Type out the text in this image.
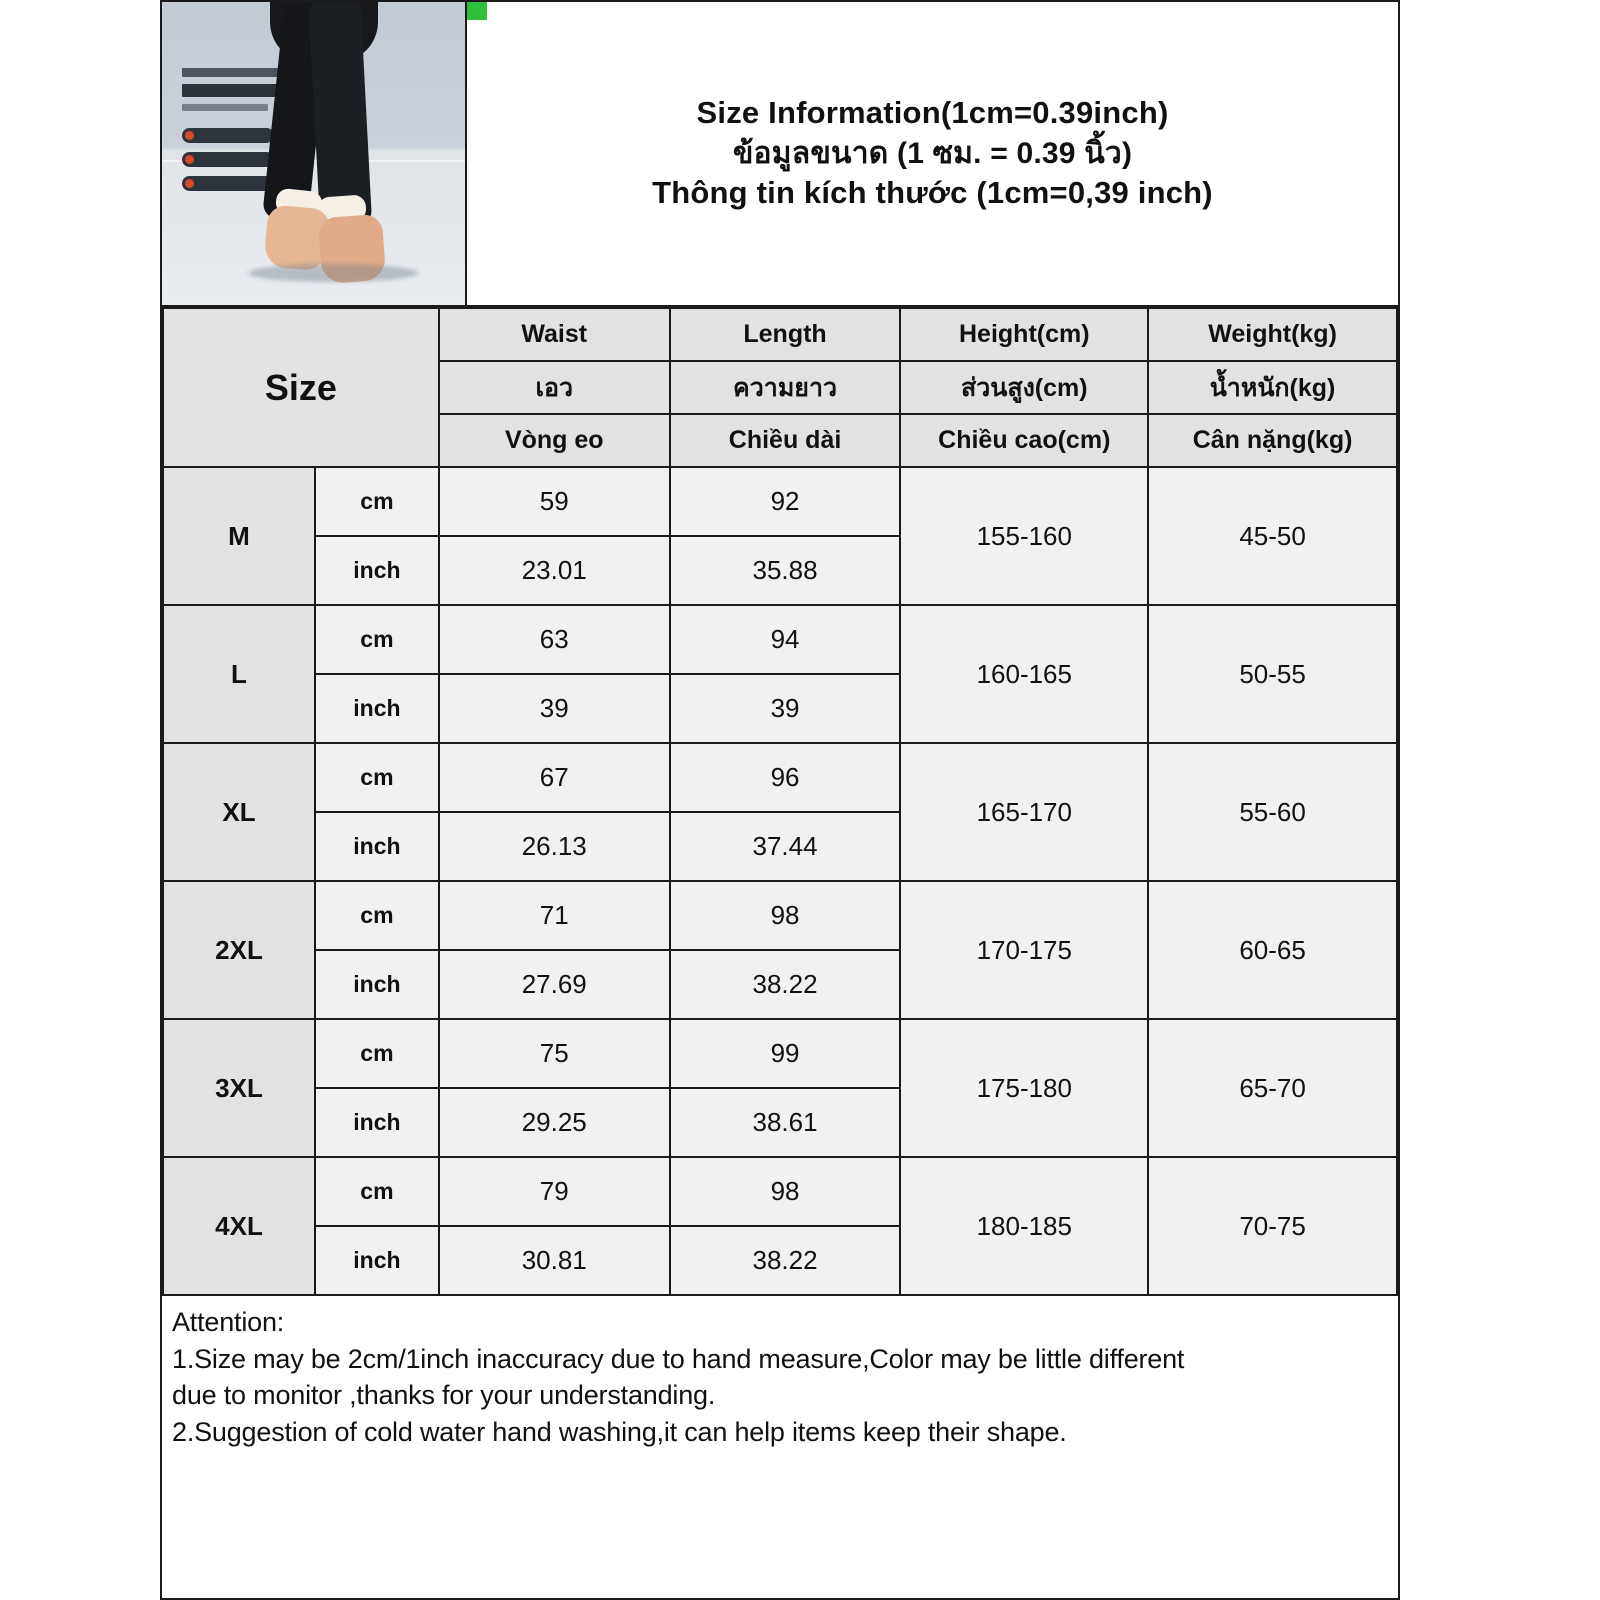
Size Information(1cm=0.39inch)
ข้อมูลขนาด (1 ซม. = 0.39 นิ้ว)
Thông tin kích thước (1cm=0,39 inch)
Size		Waist	Length	Height(cm)	Weight(kg)
		เอว	ความยาว	ส่วนสูง(cm)	น้ำหนัก(kg)
		Vòng eo	Chiều dài	Chiều cao(cm)	Cân nặng(kg)
M	cm	59	92	155-160	45-50
	inch	23.01	35.88		
L	cm	63	94	160-165	50-55
	inch	39	39		
XL	cm	67	96	165-170	55-60
	inch	26.13	37.44		
2XL	cm	71	98	170-175	60-65
	inch	27.69	38.22		
3XL	cm	75	99	175-180	65-70
	inch	29.25	38.61		
4XL	cm	79	98	180-185	70-75
	inch	30.81	38.22		

Attention:

1.Size may be 2cm/1inch inaccuracy due to hand measure,Color may be little different

due to monitor ,thanks for your understanding.

2.Suggestion of cold water hand washing,it can help items keep their shape.
